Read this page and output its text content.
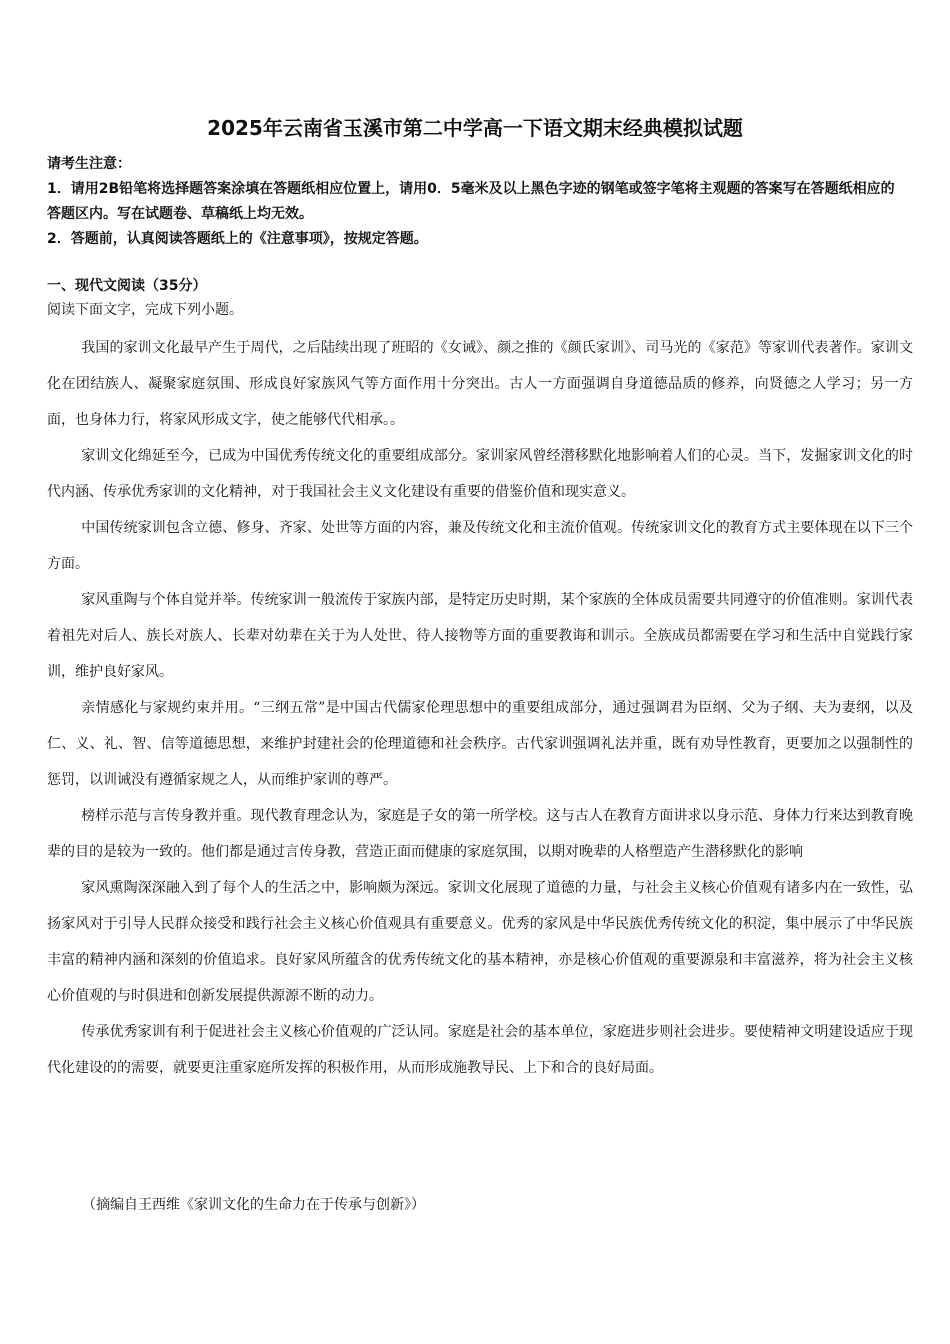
2025年云南省玉溪市第二中学高一下语文期末经典模拟试题
请考生注意：
1．请用2B铅笔将选择题答案涂填在答题纸相应位置上，请用0．5毫米及以上黑色字迹的钢笔或签字笔将主观题的答案写在答题纸相应的答题区内。写在试题卷、草稿纸上均无效。
2．答题前，认真阅读答题纸上的《注意事项》，按规定答题。
一、现代文阅读（35分）
阅读下面文字，完成下列小题。

我国的家训文化最早产生于周代，之后陆续出现了班昭的《女诫》、颜之推的《颜氏家训》、司马光的《家范》等家训代表著作。家训文化在团结族人、凝聚家庭氛围、形成良好家族风气等方面作用十分突出。古人一方面强调自身道德品质的修养，向贤德之人学习；另一方面，也身体力行，将家风形成文字，使之能够代代相承。。

家训文化绵延至今，已成为中国优秀传统文化的重要组成部分。家训家风曾经潜移默化地影响着人们的心灵。当下，发掘家训文化的时代内涵、传承优秀家训的文化精神，对于我国社会主义文化建设有重要的借鉴价值和现实意义。

中国传统家训包含立德、修身、齐家、处世等方面的内容，兼及传统文化和主流价值观。传统家训文化的教育方式主要体现在以下三个方面。

家风重陶与个体自觉并举。传统家训一般流传于家族内部，是特定历史时期，某个家族的全体成员需要共同遵守的价值准则。家训代表着祖先对后人、族长对族人、长辈对幼辈在关于为人处世、待人接物等方面的重要教诲和训示。全族成员都需要在学习和生活中自觉践行家训，维护良好家风。

亲情感化与家规约束并用。“三纲五常”是中国古代儒家伦理思想中的重要组成部分，通过强调君为臣纲、父为子纲、夫为妻纲，以及仁、义、礼、智、信等道德思想，来维护封建社会的伦理道德和社会秩序。古代家训强调礼法并重，既有劝导性教育，更要加之以强制性的惩罚，以训诫没有遵循家规之人，从而维护家训的尊严。

榜样示范与言传身教并重。现代教育理念认为，家庭是子女的第一所学校。这与古人在教育方面讲求以身示范、身体力行来达到教育晚辈的目的是较为一致的。他们都是通过言传身教，营造正面而健康的家庭氛围，以期对晚辈的人格塑造产生潜移默化的影响

家风熏陶深深融入到了每个人的生活之中，影响颇为深远。家训文化展现了道德的力量，与社会主义核心价值观有诸多内在一致性，弘扬家风对于引导人民群众接受和践行社会主义核心价值观具有重要意义。优秀的家风是中华民族优秀传统文化的积淀，集中展示了中华民族丰富的精神内涵和深刻的价值追求。良好家风所蕴含的优秀传统文化的基本精神，亦是核心价值观的重要源泉和丰富滋养，将为社会主义核心价值观的与时俱进和创新发展提供源源不断的动力。

传承优秀家训有利于促进社会主义核心价值观的广泛认同。家庭是社会的基本单位，家庭进步则社会进步。要使精神文明建设适应于现代化建设的的需要，就要更注重家庭所发挥的积极作用，从而形成施教导民、上下和合的良好局面。

（摘编自王西维《家训文化的生命力在于传承与创新》）
